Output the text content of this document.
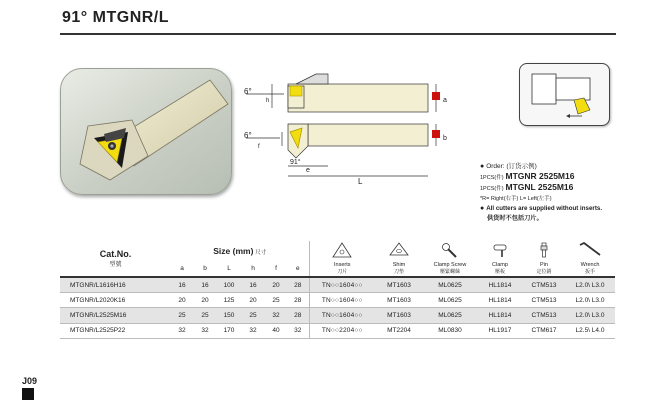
91° MTGNR/L
6°
h
6°
f
91°
a
b
e
L
● Order: (订货示例)
1PCS(件) MTGNR 2525M16
1PCS(件) MTGNL 2525M16
*R= Right(右手) L= Left(左手)
● All cutters are supplied without inserts.
供货时不包括刀片。
Cat.No.
型號	Size (mm) 尺寸						
	a	b	L	h	f	e	Inserts
刀片	Shim
刀垫	Clamp Screw
壓緊螺絲	Clamp
壓板	Pin
定位銷	Wrench
扳手
MTGNR/L1616H16	16	16	100	16	20	28	TN○○1604○○	MT1603	ML0625	HL1814	CTM513	L2.0\ L3.0
MTGNR/L2020K16	20	20	125	20	25	28	TN○○1604○○	MT1603	ML0625	HL1814	CTM513	L2.0\ L3.0
MTGNR/L2525M16	25	25	150	25	32	28	TN○○1604○○	MT1603	ML0625	HL1814	CTM513	L2.0\ L3.0
MTGNR/L2525P22	32	32	170	32	40	32	TN○○2204○○	MT2204	ML0830	HL1917	CTM617	L2.5\ L4.0
J09
